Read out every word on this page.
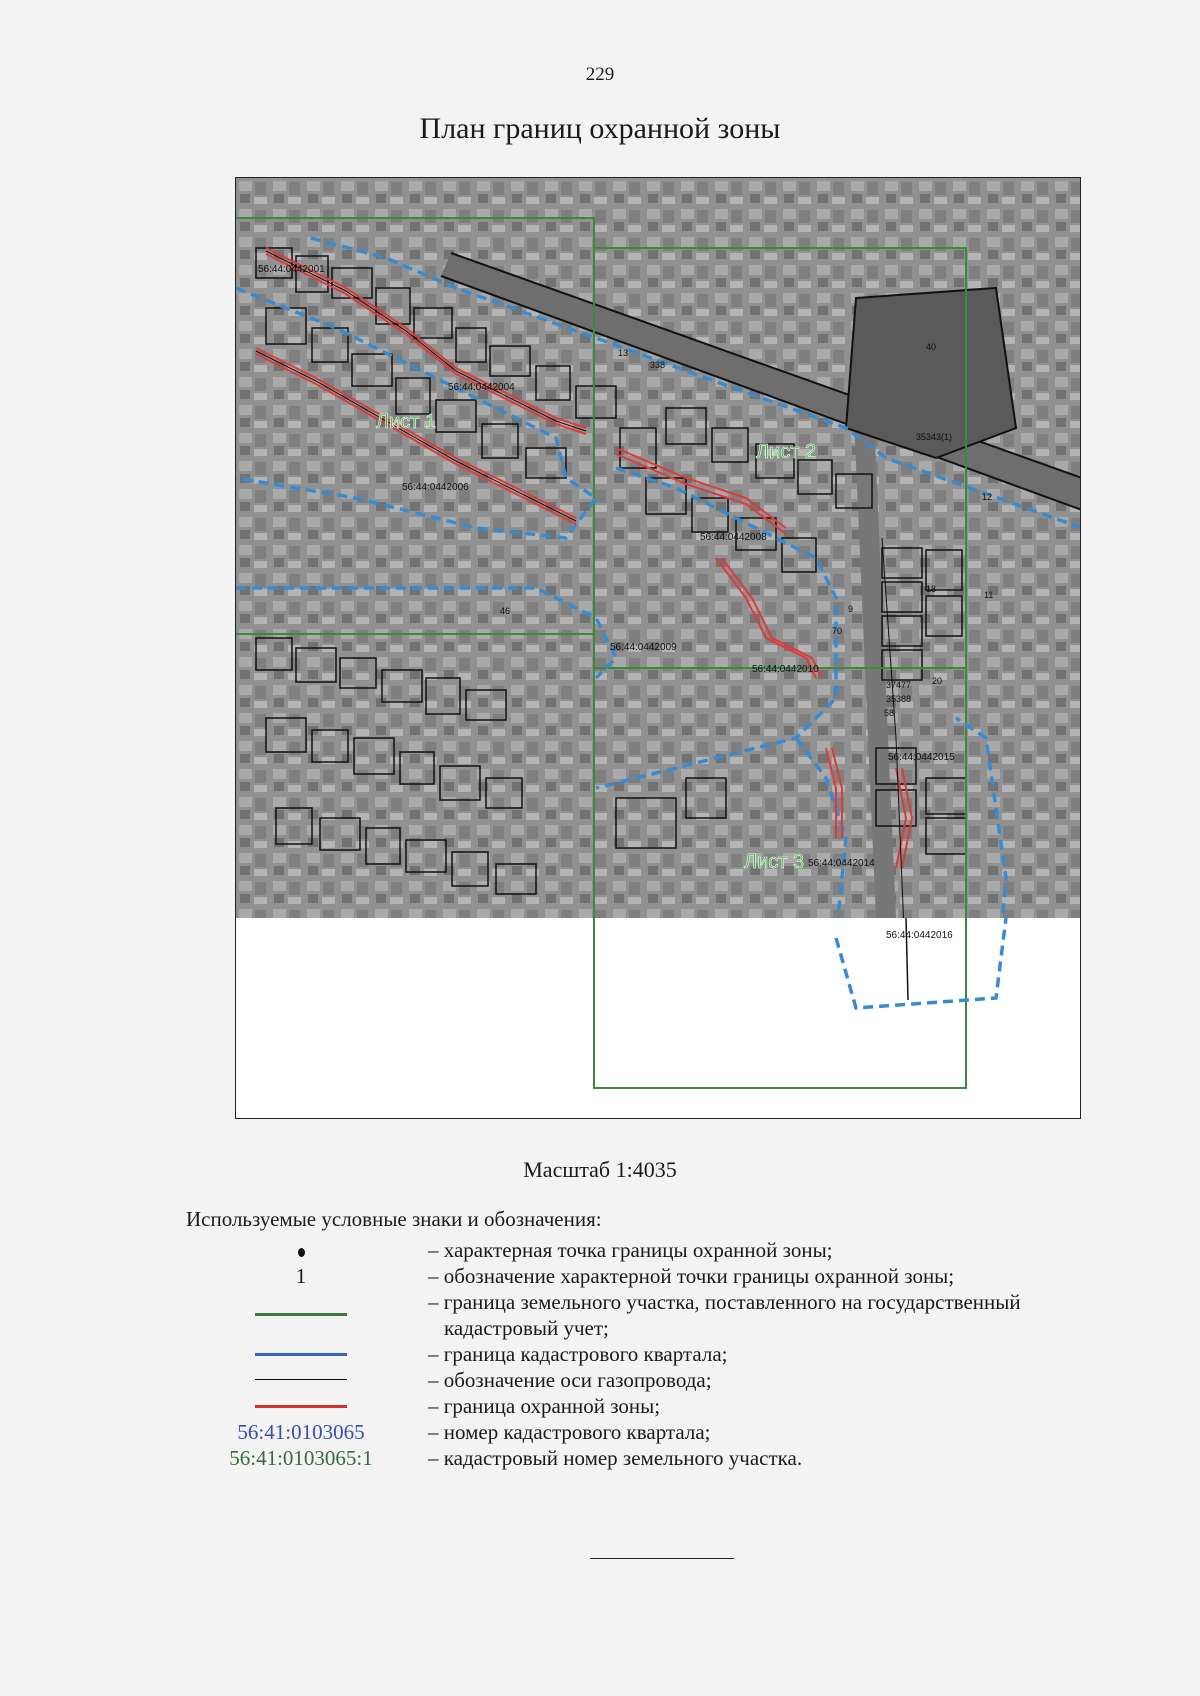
229
План границ охранной зоны
Лист 1
Лист 2
Лист 3
56:44:0442004
56:44:0442006
56:44:0442008
56:44:0442009
56:44:0442010
56:44:0442015
56:44:0442014
56:44:0442016
56:44:0442001
13
338
35343(1)
12
40
37477
35388
58
70
20
9
18
11
46
Масштаб 1:4035
Используемые условные знаки и обозначения:
– характерная точка границы охранной зоны;
1	– обозначение характерной точки границы охранной зоны;
– граница земельного участка, поставленного на государственный
кадастровый учет;
– граница кадастрового квартала;
– обозначение оси газопровода;
– граница охранной зоны;
56:41:0103065	– номер кадастрового квартала;
56:41:0103065:1	– кадастровый номер земельного участка.
